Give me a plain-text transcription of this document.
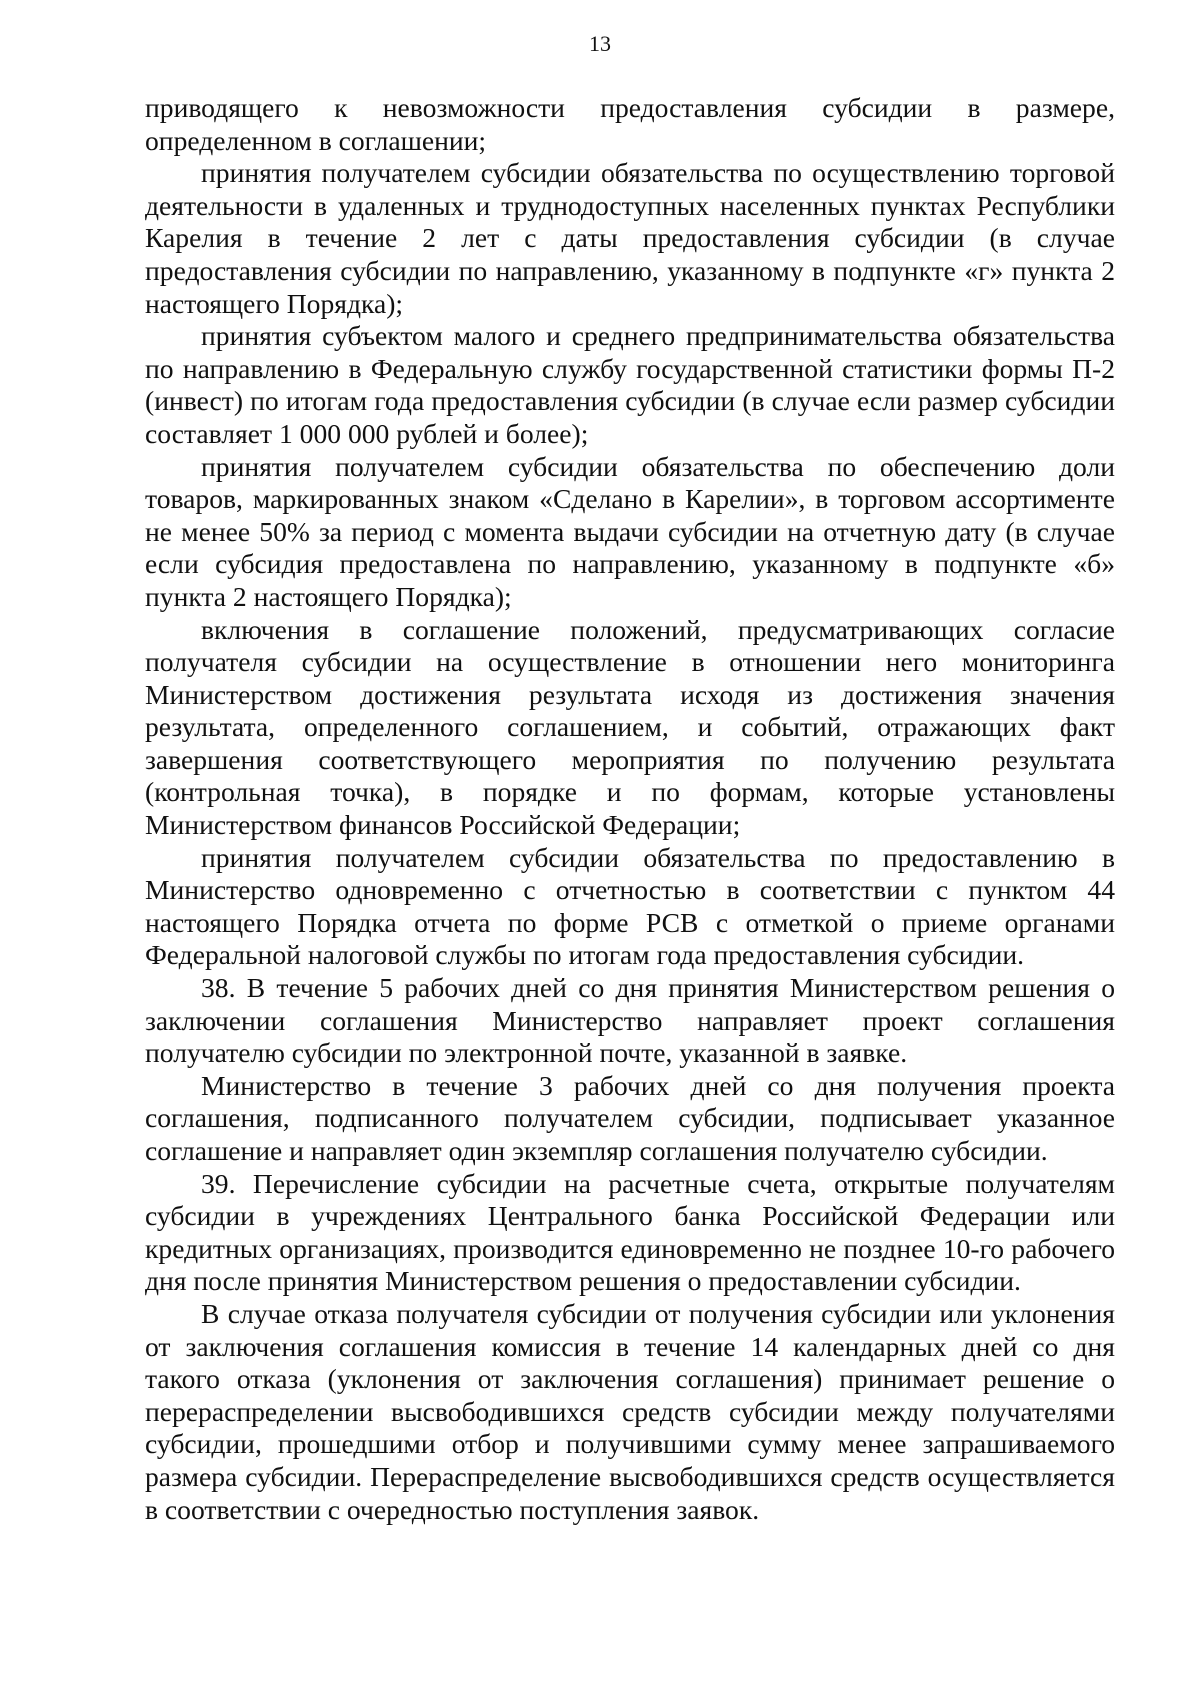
13

приводящего к невозможности предоставления субсидии в размере, определенном в соглашении;

принятия получателем субсидии обязательства по осуществлению торговой деятельности в удаленных и труднодоступных населенных пунктах Республики Карелия в течение 2 лет с даты предоставления субсидии (в случае предоставления субсидии по направлению, указанному в подпункте «г» пункта 2 настоящего Порядка);

принятия субъектом малого и среднего предпринимательства обязательства по направлению в Федеральную службу государственной статистики формы П-2 (инвест) по итогам года предоставления субсидии (в случае если размер субсидии составляет 1 000 000 рублей и более);

принятия получателем субсидии обязательства по обеспечению доли товаров, маркированных знаком «Сделано в Карелии», в торговом ассортименте не менее 50% за период с момента выдачи субсидии на отчетную дату (в случае если субсидия предоставлена по направлению, указанному в подпункте «б» пункта 2 настоящего Порядка);

включения в соглашение положений, предусматривающих согласие получателя субсидии на осуществление в отношении него мониторинга Министерством достижения результата исходя из достижения значения результата, определенного соглашением, и событий, отражающих факт завершения соответствующего мероприятия по получению результата (контрольная точка), в порядке и по формам, которые установлены Министерством финансов Российской Федерации;

принятия получателем субсидии обязательства по предоставлению в Министерство одновременно с отчетностью в соответствии с пунктом 44 настоящего Порядка отчета по форме РСВ с отметкой о приеме органами Федеральной налоговой службы по итогам года предоставления субсидии.

38. В течение 5 рабочих дней со дня принятия Министерством решения о заключении соглашения Министерство направляет проект соглашения получателю субсидии по электронной почте, указанной в заявке.

Министерство в течение 3 рабочих дней со дня получения проекта соглашения, подписанного получателем субсидии, подписывает указанное соглашение и направляет один экземпляр соглашения получателю субсидии.

39. Перечисление субсидии на расчетные счета, открытые получателям субсидии в учреждениях Центрального банка Российской Федерации или кредитных организациях, производится единовременно не позднее 10-го рабочего дня после принятия Министерством решения о предоставлении субсидии.

В случае отказа получателя субсидии от получения субсидии или уклонения от заключения соглашения комиссия в течение 14 календарных дней со дня такого отказа (уклонения от заключения соглашения) принимает решение о перераспределении высвободившихся средств субсидии между получателями субсидии, прошедшими отбор и получившими сумму менее запрашиваемого размера субсидии. Перераспределение высвободившихся средств осуществляется в соответствии с очередностью поступления заявок.
